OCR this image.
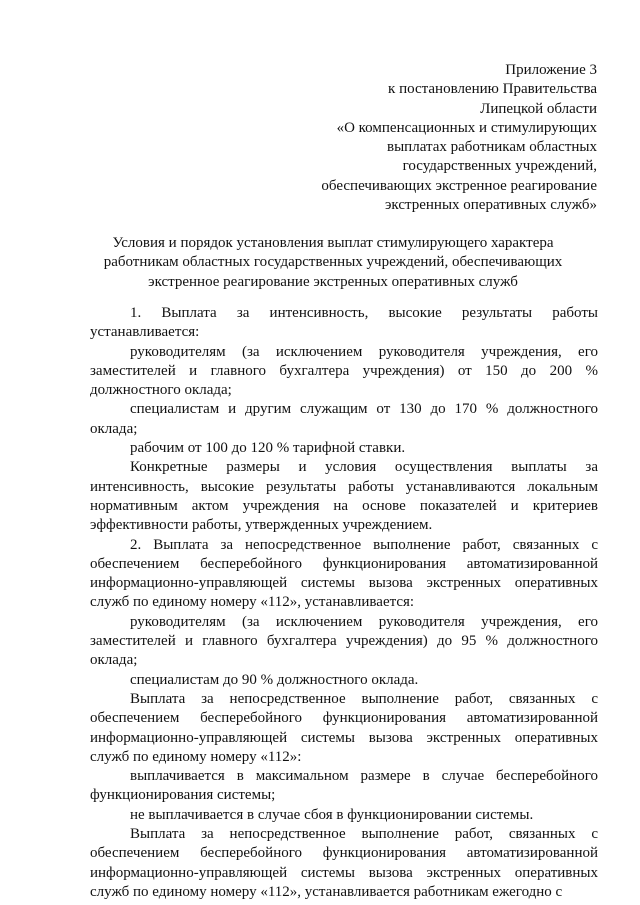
Приложение 3
к постановлению Правительства
Липецкой области
«О компенсационных и стимулирующих
выплатах работникам областных
государственных учреждений,
обеспечивающих экстренное реагирование
экстренных оперативных служб»
Условия и порядок установления выплат стимулирующего характера
работникам областных государственных учреждений, обеспечивающих
экстренное реагирование экстренных оперативных служб

1. Выплата за интенсивность, высокие результаты работы устанавливается:

руководителям (за исключением руководителя учреждения, его заместителей и главного бухгалтера учреждения) от 150 до 200 % должностного оклада;

специалистам и другим служащим от 130 до 170 % должностного оклада;

рабочим от 100 до 120 % тарифной ставки.

Конкретные размеры и условия осуществления выплаты за интенсивность, высокие результаты работы устанавливаются локальным нормативным актом учреждения на основе показателей и критериев эффективности работы, утвержденных учреждением.

2. Выплата за непосредственное выполнение работ, связанных с обеспечением бесперебойного функционирования автоматизированной информационно-управляющей системы вызова экстренных оперативных служб по единому номеру «112», устанавливается:

руководителям (за исключением руководителя учреждения, его заместителей и главного бухгалтера учреждения) до 95 % должностного оклада;

специалистам до 90 % должностного оклада.

Выплата за непосредственное выполнение работ, связанных с обеспечением бесперебойного функционирования автоматизированной информационно-управляющей системы вызова экстренных оперативных служб по единому номеру «112»:

выплачивается в максимальном размере в случае бесперебойного функционирования системы;

не выплачивается в случае сбоя в функционировании системы.

Выплата за непосредственное выполнение работ, связанных с обеспечением бесперебойного функционирования автоматизированной информационно-управляющей системы вызова экстренных оперативных служб по единому номеру «112», устанавливается работникам ежегодно с
